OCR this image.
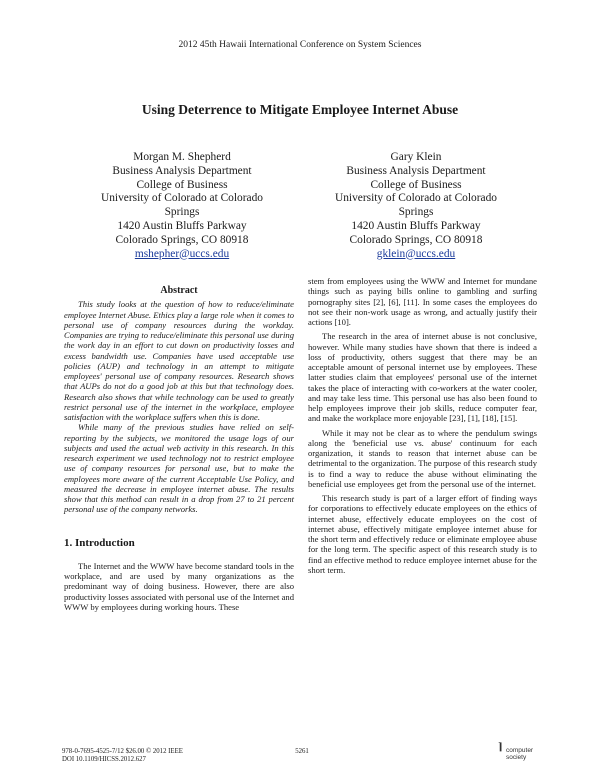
2012 45th Hawaii International Conference on System Sciences
Using Deterrence to Mitigate Employee Internet Abuse
Morgan M. Shepherd
Business Analysis Department
College of Business
University of Colorado at Colorado
Springs
1420 Austin Bluffs Parkway
Colorado Springs, CO 80918
mshepher@uccs.edu
Gary Klein
Business Analysis Department
College of Business
University of Colorado at Colorado
Springs
1420 Austin Bluffs Parkway
Colorado Springs, CO 80918
gklein@uccs.edu
Abstract

This study looks at the question of how to reduce/eliminate employee Internet Abuse. Ethics play a large role when it comes to personal use of company resources during the workday. Companies are trying to reduce/eliminate this personal use during the work day in an effort to cut down on productivity losses and excess bandwidth use. Companies have used acceptable use policies (AUP) and technology in an attempt to mitigate employees' personal use of company resources. Research shows that AUPs do not do a good job at this but that technology does. Research also shows that while technology can be used to greatly restrict personal use of the internet in the workplace, employee satisfaction with the workplace suffers when this is done.

While many of the previous studies have relied on self-reporting by the subjects, we monitored the usage logs of our subjects and used the actual web activity in this research. In this research experiment we used technology not to restrict employee use of company resources for personal use, but to make the employees more aware of the current Acceptable Use Policy, and measured the decrease in employee internet abuse. The results show that this method can result in a drop from 27 to 21 percent personal use of the company networks.

1. Introduction

The Internet and the WWW have become standard tools in the workplace, and are used by many organizations as the predominant way of doing business. However, there are also productivity losses associated with personal use of the Internet and WWW by employees during working hours. These

stem from employees using the WWW and Internet for mundane things such as paying bills online to gambling and surfing pornography sites [2], [6], [11]. In some cases the employees do not see their non-work usage as wrong, and actually justify their actions [10].

The research in the area of internet abuse is not conclusive, however. While many studies have shown that there is indeed a loss of productivity, others suggest that there may be an acceptable amount of personal internet use by employees. These latter studies claim that employees' personal use of the internet takes the place of interacting with co-workers at the water cooler, and may take less time. This personal use has also been found to help employees improve their job skills, reduce computer fear, and make the workplace more enjoyable [23], [1], [18], [15].

While it may not be clear as to where the pendulum swings along the 'beneficial use vs. abuse' continuum for each organization, it stands to reason that internet abuse can be detrimental to the organization. The purpose of this research study is to find a way to reduce the abuse without eliminating the beneficial use employees get from the personal use of the internet.

This research study is part of a larger effort of finding ways for corporations to effectively educate employees on the ethics of internet abuse, effectively educate employees on the cost of internet abuse, effectively mitigate employee internet abuse for the short term and effectively reduce or eliminate employee abuse for the long term. The specific aspect of this research study is to find an effective method to reduce employee internet abuse for the short term.

978-0-7695-4525-7/12 $26.00 © 2012 IEEE
DOI 10.1109/HICSS.2012.627
5261	⌉ computer
society
